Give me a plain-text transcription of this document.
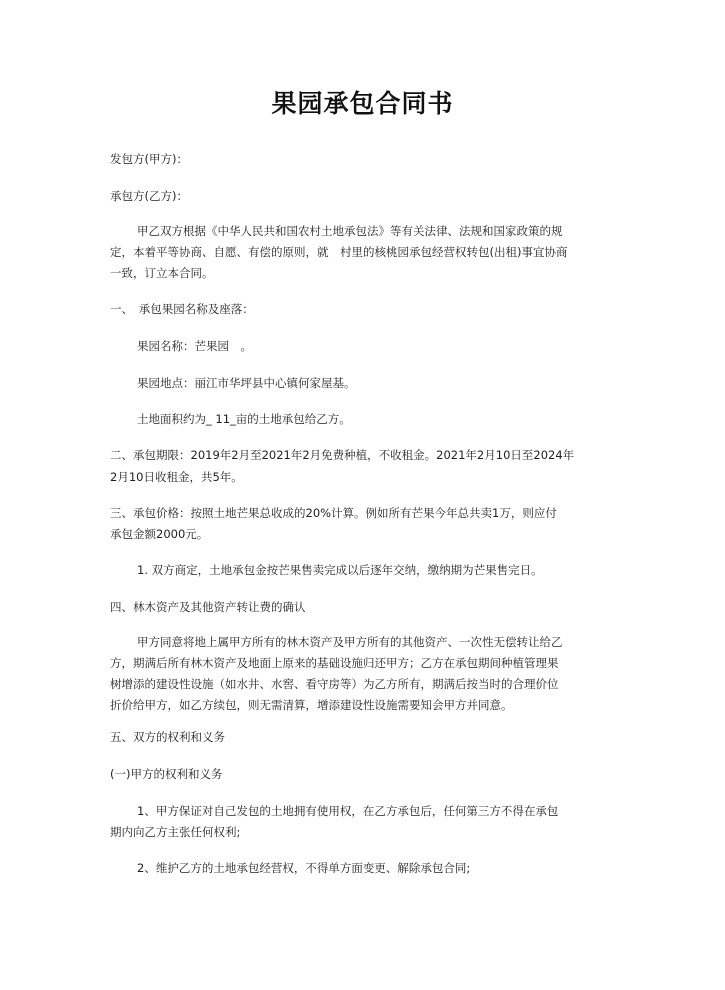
果园承包合同书
发包方(甲方)：
承包方(乙方)：
甲乙双方根据《中华人民共和国农村土地承包法》等有关法律、法规和国家政策的规
定，本着平等协商、自愿、有偿的原则，就　村里的核桃园承包经营权转包(出租)事宜协商
一致，订立本合同。
一、　承包果园名称及座落：
果园名称：芒果园　。
果园地点：丽江市华坪县中心镇何家屋基。
土地面积约为_ 11_亩的土地承包给乙方。
二、承包期限：2019年2月至2021年2月免费种植，不收租金。2021年2月10日至2024年
2月10日收租金，共5年。
三、承包价格：按照土地芒果总收成的20%计算。例如所有芒果今年总共卖1万，则应付
承包金额2000元。
1. 双方商定，土地承包金按芒果售卖完成以后逐年交纳，缴纳期为芒果售完日。
四、林木资产及其他资产转让费的确认
甲方同意将地上属甲方所有的林木资产及甲方所有的其他资产、一次性无偿转让给乙
方，期满后所有林木资产及地面上原来的基础设施归还甲方；乙方在承包期间种植管理果
树增添的建设性设施（如水井、水窖、看守房等）为乙方所有，期满后按当时的合理价位
折价给甲方，如乙方续包，则无需清算，增添建设性设施需要知会甲方并同意。
五、双方的权利和义务
(一)甲方的权利和义务
1、甲方保证对自己发包的土地拥有使用权，在乙方承包后，任何第三方不得在承包
期内向乙方主张任何权利;
2、维护乙方的土地承包经营权，不得单方面变更、解除承包合同;
